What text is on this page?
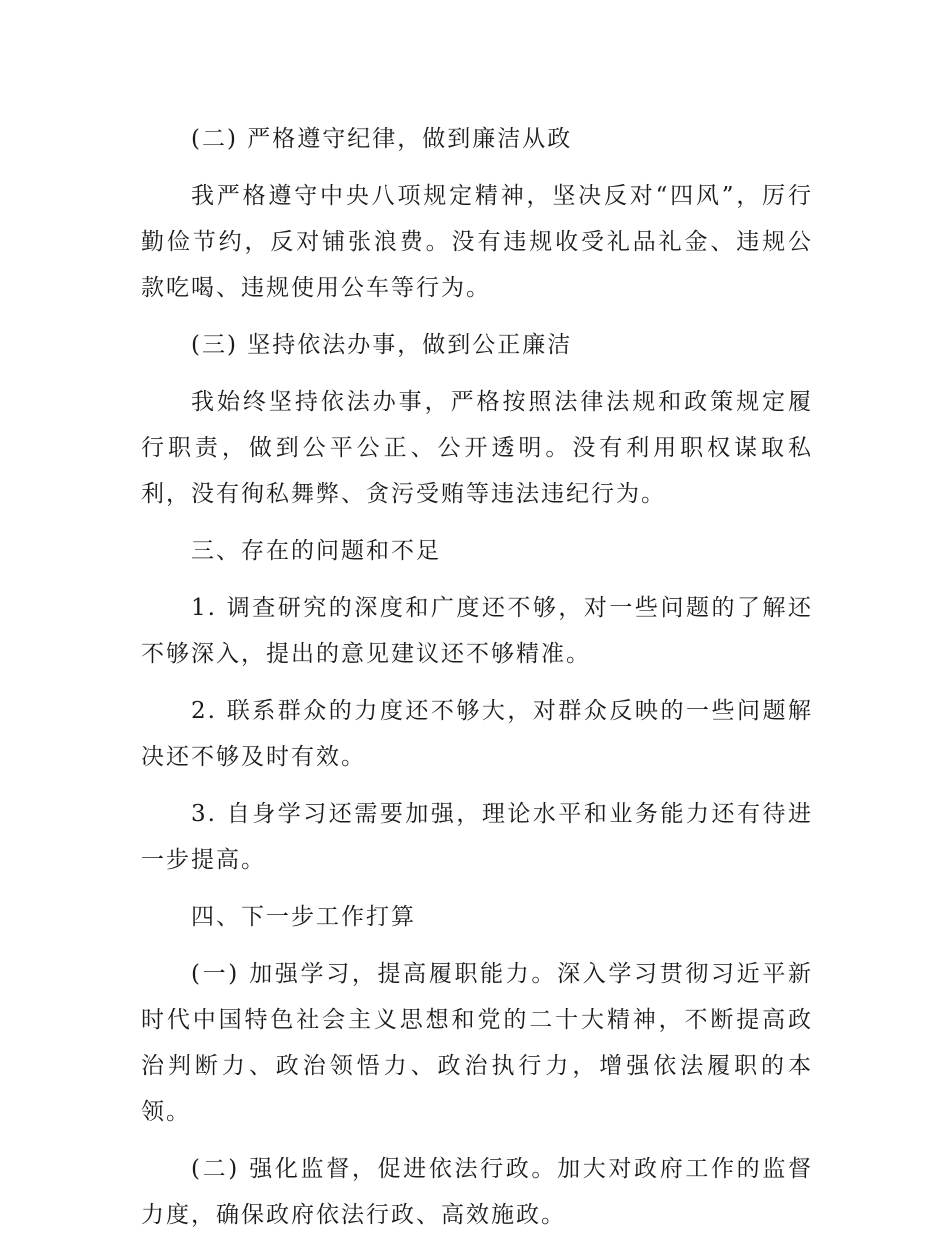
(二) 严格遵守纪律，做到廉洁从政

我严格遵守中央八项规定精神，坚决反对“四风”，厉行勤俭节约，反对铺张浪费。没有违规收受礼品礼金、违规公款吃喝、违规使用公车等行为。

(三) 坚持依法办事，做到公正廉洁

我始终坚持依法办事，严格按照法律法规和政策规定履行职责，做到公平公正、公开透明。没有利用职权谋取私利，没有徇私舞弊、贪污受贿等违法违纪行为。

三、存在的问题和不足

1. 调查研究的深度和广度还不够，对一些问题的了解还不够深入，提出的意见建议还不够精准。

2. 联系群众的力度还不够大，对群众反映的一些问题解决还不够及时有效。

3. 自身学习还需要加强，理论水平和业务能力还有待进一步提高。

四、下一步工作打算

(一) 加强学习，提高履职能力。深入学习贯彻习近平新时代中国特色社会主义思想和党的二十大精神，不断提高政治判断力、政治领悟力、政治执行力，增强依法履职的本领。

(二) 强化监督，促进依法行政。加大对政府工作的监督力度，确保政府依法行政、高效施政。
